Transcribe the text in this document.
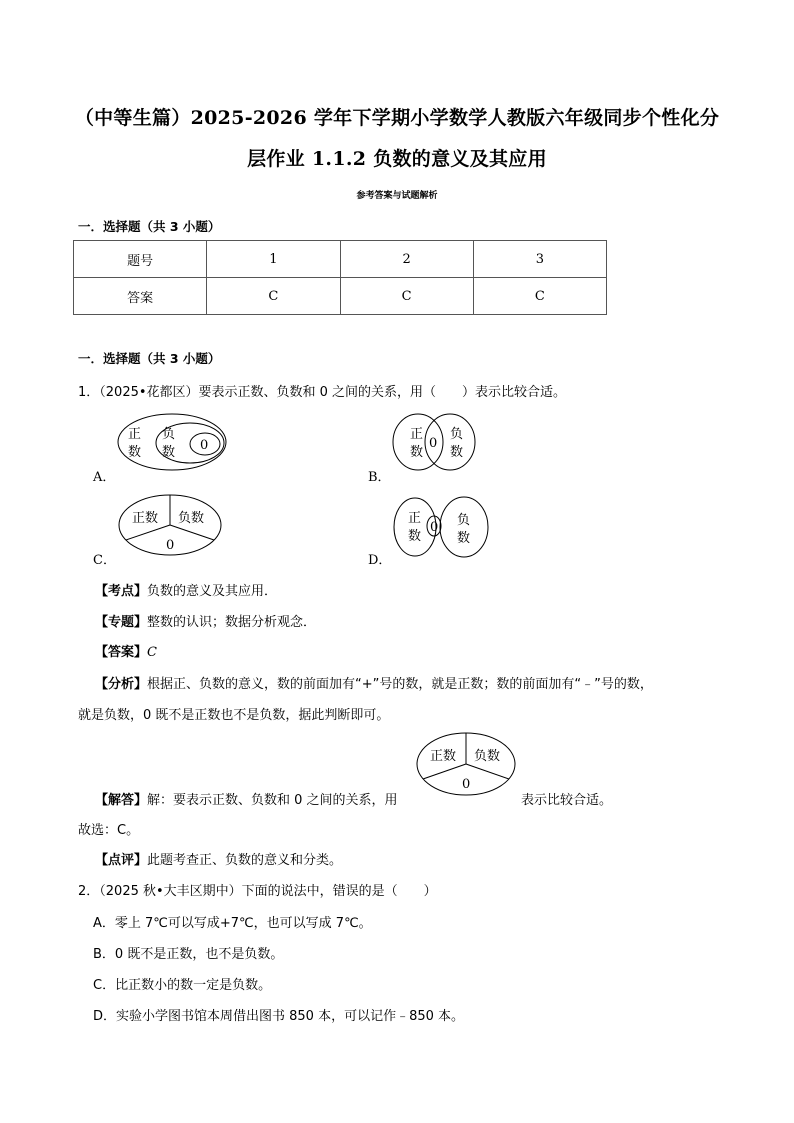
（中等生篇）2025-2026 学年下学期小学数学人教版六年级同步个性化分
层作业 1.1.2 负数的意义及其应用
参考答案与试题解析
一．选择题（共 3 小题）
题号	1	2	3
答案	C	C	C
一．选择题（共 3 小题）
1．（2025•花都区）要表示正数、负数和 0 之间的关系，用（　　）表示比较合适。
正
数
负
数 0
A．
正
数
负
数
0
B．
正数 负数
0
C．
正
数
负
数
0
D．
【考点】负数的意义及其应用．
【专题】整数的认识；数据分析观念．
【答案】C
【分析】根据正、负数的意义，数的前面加有“+”号的数，就是正数；数的前面加有“﹣”号的数，
就是负数，0 既不是正数也不是负数，据此判断即可。
【解答】解：要表示正数、负数和 0 之间的关系，用
正数 负数
0
表示比较合适。
故选：C。
【点评】此题考查正、负数的意义和分类。
2．（2025 秋•大丰区期中）下面的说法中，错误的是（　　）
A．零上 7℃可以写成+7℃，也可以写成 7℃。
B．0 既不是正数，也不是负数。
C．比正数小的数一定是负数。
D．实验小学图书馆本周借出图书 850 本，可以记作﹣850 本。
